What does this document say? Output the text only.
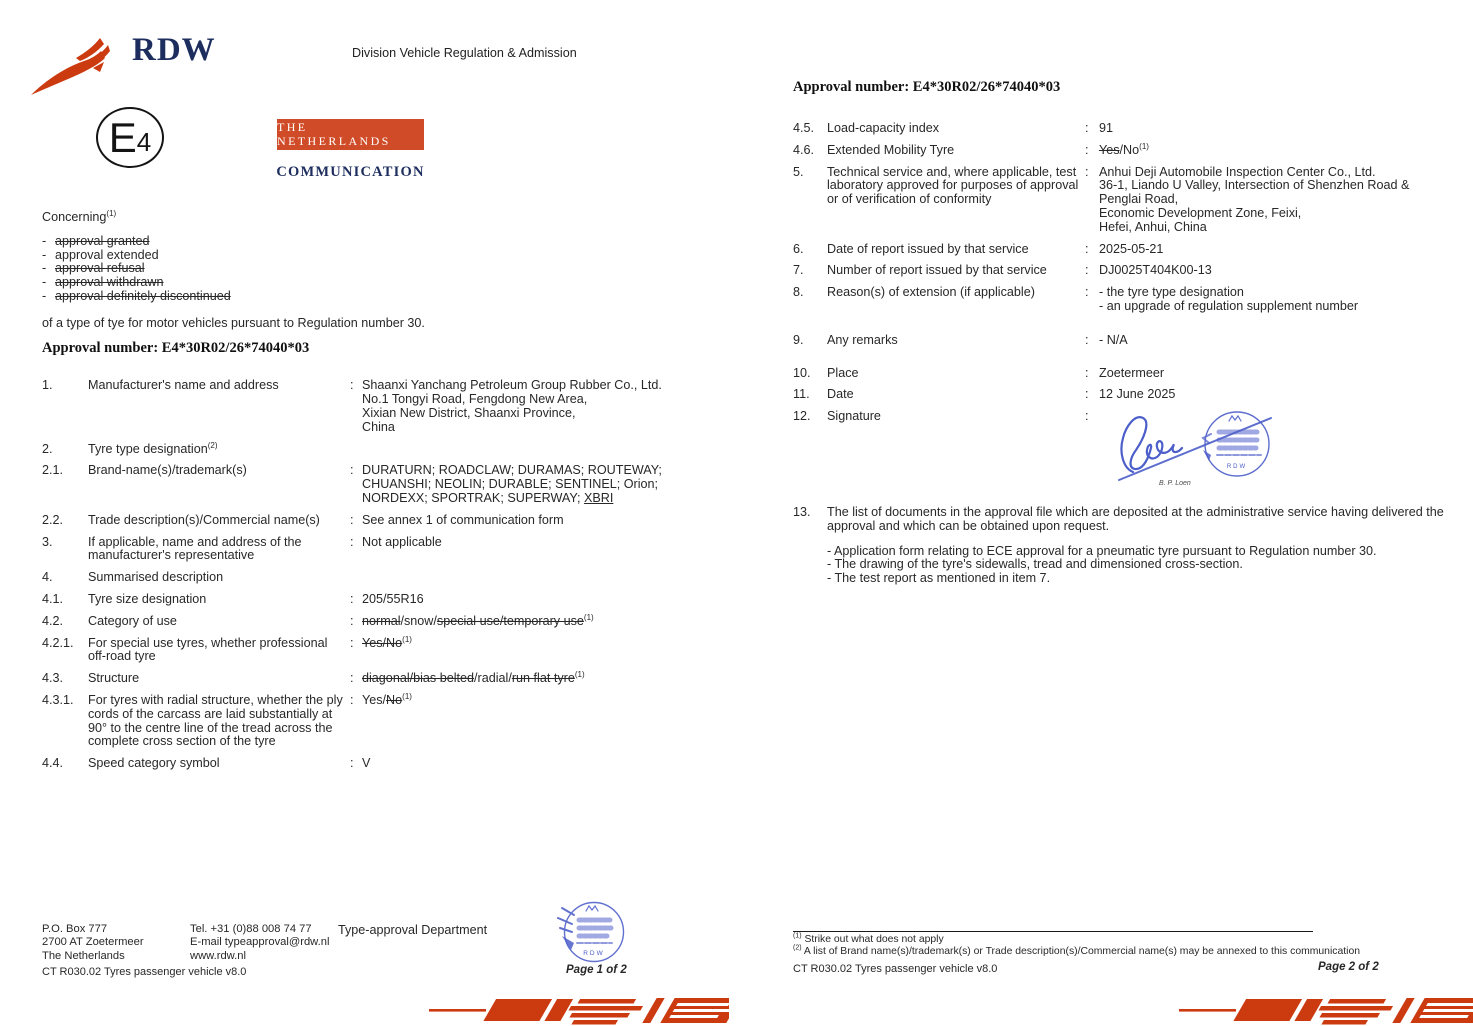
RDW	Division Vehicle Regulation & Admission
E 4	THE NETHERLANDS
COMMUNICATION
Concerning$^{(1)}$
- approval granted
- approval extended
- approval refusal
- approval withdrawn
- approval definitely discontinued
of a type of tye for motor vehicles pursuant to Regulation number 30.
Approval number: E4*30R02/26*74040*03
1.	Manufacturer's name and address	: Shaanxi Yanchang Petroleum Group Rubber Co., Ltd.
No.1 Tongyi Road, Fengdong New Area,
Xixian New District, Shaanxi Province,
China
2.	Tyre type designation$^{(2)}$
2.1.	Brand-name(s)/trademark(s)	: DURATURN; ROADCLAW; DURAMAS; ROUTEWAY;
CHUANSHI; NEOLIN; DURABLE; SENTINEL; Orion;
NORDEXX; SPORTRAK; SUPERWAY; XBRI
2.2.	Trade description(s)/Commercial name(s)	: See annex 1 of communication form
3.	If applicable, name and address of the
manufacturer's representative
: Not applicable
4.	Summarised description
4.1.	Tyre size designation	: 205/55R16
4.2.	Category of use	: normal/snow/special use/temporary use$^{(1)}$
4.2.1.	For special use tyres, whether professional
off-road tyre
: Yes/No$^{(1)}$
4.3.	Structure	: diagonal/bias belted/radial/run flat tyre$^{(1)}$
4.3.1.	For tyres with radial structure, whether the ply
cords of the carcass are laid substantially at
90° to the centre line of the tread across the
complete cross section of the tyre
: Yes/No$^{(1)}$
4.4.	Speed category symbol	: V
P.O. Box 777
2700 AT Zoetermeer
The Netherlands
Tel. +31 (0)88 008 74 77
E-mail typeapproval@rdw.nl
www.rdw.nl
Type-approval Department
RDW
CT R030.02 Tyres passenger vehicle v8.0	Page 1 of 2
Approval number: E4*30R02/26*74040*03
4.5.	Load-capacity index	: 91
4.6.	Extended Mobility Tyre	: Yes/No$^{(1)}$
5.	Technical service and, where applicable, test
laboratory approved for purposes of approval
or of verification of conformity
: Anhui Deji Automobile Inspection Center Co., Ltd.
36-1, Liando U Valley, Intersection of Shenzhen Road &
Penglai Road,
Economic Development Zone, Feixi,
Hefei, Anhui, China
6.	Date of report issued by that service	: 2025-05-21
7.	Number of report issued by that service	: DJ0025T404K00-13
8.	Reason(s) of extension (if applicable)	: - the tyre type designation
- an upgrade of regulation supplement number
9.	Any remarks	: - N/A
10.	Place	: Zoetermeer
11.	Date	: 12 June 2025
12.	Signature	:
RDW
B. P. Loen
13.	The list of documents in the approval file which are deposited at the administrative service having delivered the
approval and which can be obtained upon request.
- Application form relating to ECE approval for a pneumatic tyre pursuant to Regulation number 30.
- The drawing of the tyre's sidewalls, tread and dimensioned cross-section.
- The test report as mentioned in item 7.
$^{(1)}$ Strike out what does not apply
$^{(2)}$ A list of Brand name(s)/trademark(s) or Trade description(s)/Commercial name(s) may be annexed to this communication
CT R030.02 Tyres passenger vehicle v8.0	Page 2 of 2
